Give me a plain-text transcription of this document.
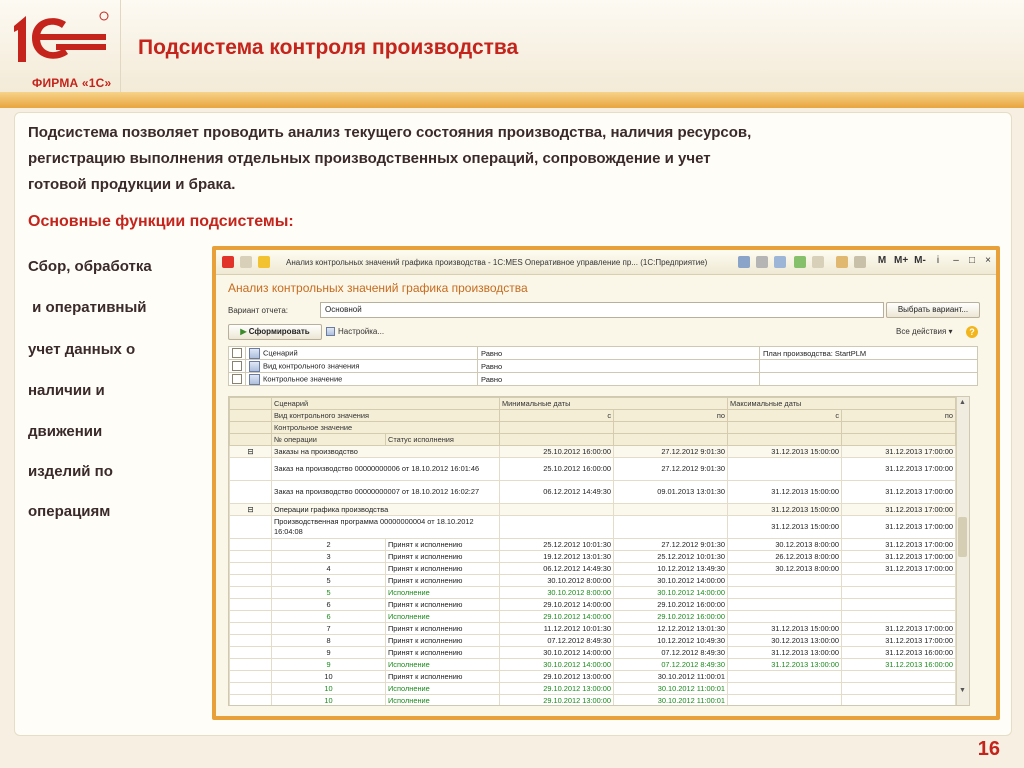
ФИРМА «1С»
Подсистема контроля производства
Подсистема позволяет проводить анализ текущего состояния производства, наличия ресурсов,
регистрацию выполнения отдельных производственных операций, сопровождение и учет
готовой продукции и брака.
Основные функции подсистемы:
Сбор, обработка
и оперативный
учет данных о
наличии и
движении
изделий по
операциям
Анализ контрольных значений графика производства - 1С:MES Оперативное управление пр... (1С:Предприятие)	M M+ M-	i	–	□	×
Анализ контрольных значений графика производства
Вариант отчета:	Основной	Выбрать вариант...
▶ Сформировать	Настройка...	Все действия ▾	?
	Сценарий	Равно	План производства: StartPLM
	Вид контрольного значения	Равно	
	Контрольное значение	Равно	
	Сценарий		Минимальные даты		Максимальные даты		
	Вид контрольного значения		с	по	с	по	
	Контрольное значение						
	№ операции	Статус исполнения					
⊟	Заказы на производство		25.10.2012 16:00:00	27.12.2012 9:01:30	31.12.2013 15:00:00	31.12.2013 17:00:00	
	Заказ на производство 00000000006 от 18.10.2012 16:01:46		25.10.2012 16:00:00	27.12.2012 9:01:30		31.12.2013 17:00:00	
	Заказ на производство 00000000007 от 18.10.2012 16:02:27		06.12.2012 14:49:30	09.01.2013 13:01:30	31.12.2013 15:00:00	31.12.2013 17:00:00	
⊟	Операции графика производства				31.12.2013 15:00:00	31.12.2013 17:00:00	
	Производственная программа 00000000004 от 18.10.2012 16:04:08				31.12.2013 15:00:00	31.12.2013 17:00:00	
	2	Принят к исполнению	25.12.2012 10:01:30	27.12.2012 9:01:30	30.12.2013 8:00:00	31.12.2013 17:00:00	
	3	Принят к исполнению	19.12.2012 13:01:30	25.12.2012 10:01:30	26.12.2013 8:00:00	31.12.2013 17:00:00	
	4	Принят к исполнению	06.12.2012 14:49:30	10.12.2012 13:49:30	30.12.2013 8:00:00	31.12.2013 17:00:00	
	5	Принят к исполнению	30.10.2012 8:00:00	30.10.2012 14:00:00			
	5	Исполнение	30.10.2012 8:00:00	30.10.2012 14:00:00			
	6	Принят к исполнению	29.10.2012 14:00:00	29.10.2012 16:00:00			
	6	Исполнение	29.10.2012 14:00:00	29.10.2012 16:00:00			
	7	Принят к исполнению	11.12.2012 10:01:30	12.12.2012 13:01:30	31.12.2013 15:00:00	31.12.2013 17:00:00	
	8	Принят к исполнению	07.12.2012 8:49:30	10.12.2012 10:49:30	30.12.2013 13:00:00	31.12.2013 17:00:00	
	9	Принят к исполнению	30.10.2012 14:00:00	07.12.2012 8:49:30	31.12.2013 13:00:00	31.12.2013 16:00:00	
	9	Исполнение	30.10.2012 14:00:00	07.12.2012 8:49:30	31.12.2013 13:00:00	31.12.2013 16:00:00	
	10	Принят к исполнению	29.10.2012 13:00:00	30.10.2012 11:00:01			
	10	Исполнение	29.10.2012 13:00:00	30.10.2012 11:00:01			
	10	Исполнение	29.10.2012 13:00:00	30.10.2012 11:00:01			
▲
▼
16
